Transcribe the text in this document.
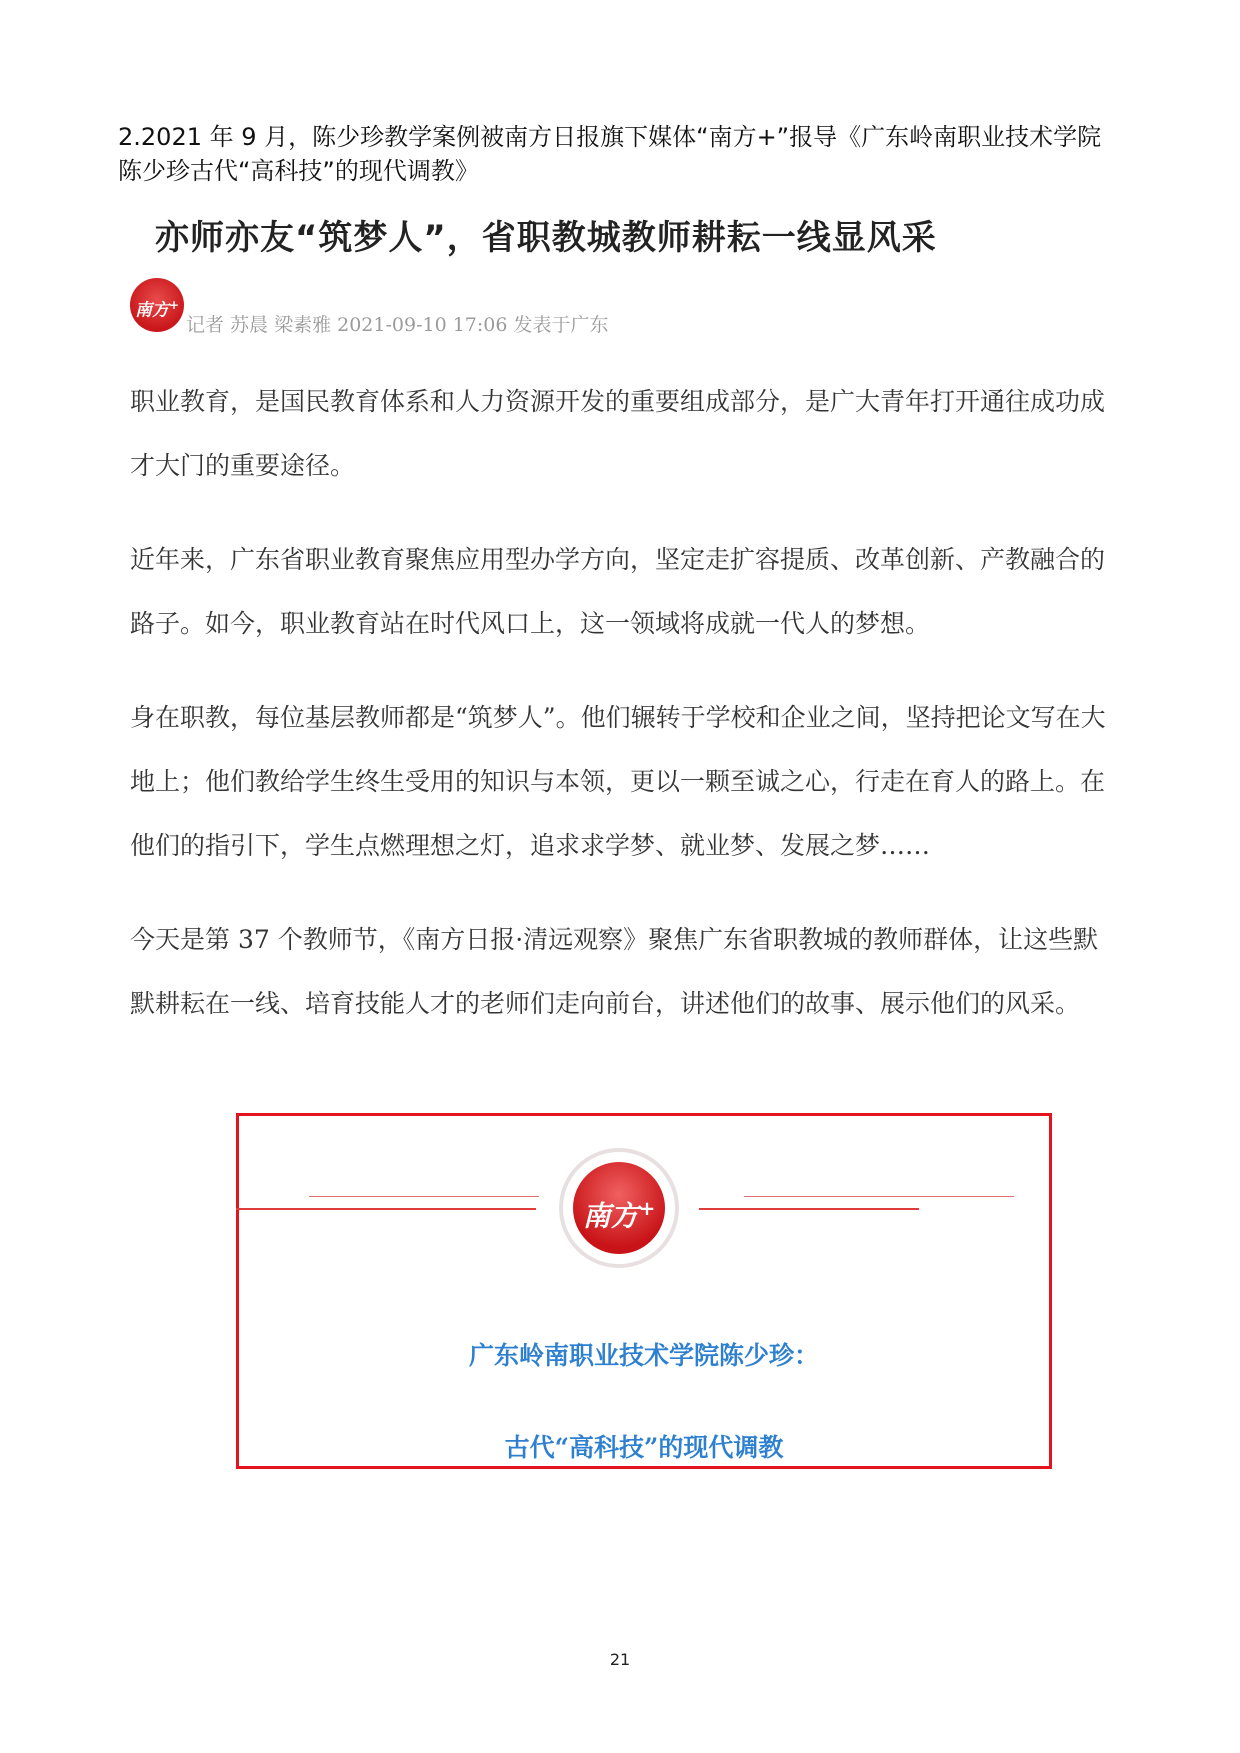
2.2021 年 9 月，陈少珍教学案例被南方日报旗下媒体“南方+”报导《广东岭南职业技术学院
陈少珍古代“高科技”的现代调教》
亦师亦友“筑梦人”，省职教城教师耕耘一线显风采
南方+
记者 苏晨 梁素雅 2021-09-10 17:06 发表于广东

职业教育，是国民教育体系和人力资源开发的重要组成部分，是广大青年打开通往成功成才大门的重要途径。

近年来，广东省职业教育聚焦应用型办学方向，坚定走扩容提质、改革创新、产教融合的路子。如今，职业教育站在时代风口上，这一领域将成就一代人的梦想。

身在职教，每位基层教师都是“筑梦人”。他们辗转于学校和企业之间，坚持把论文写在大地上；他们教给学生终生受用的知识与本领，更以一颗至诚之心，行走在育人的路上。在他们的指引下，学生点燃理想之灯，追求求学梦、就业梦、发展之梦……

今天是第 37 个教师节，《南方日报·清远观察》聚焦广东省职教城的教师群体，让这些默默耕耘在一线、培育技能人才的老师们走向前台，讲述他们的故事、展示他们的风采。

南方+
广东岭南职业技术学院陈少珍：
古代“高科技”的现代调教
21
